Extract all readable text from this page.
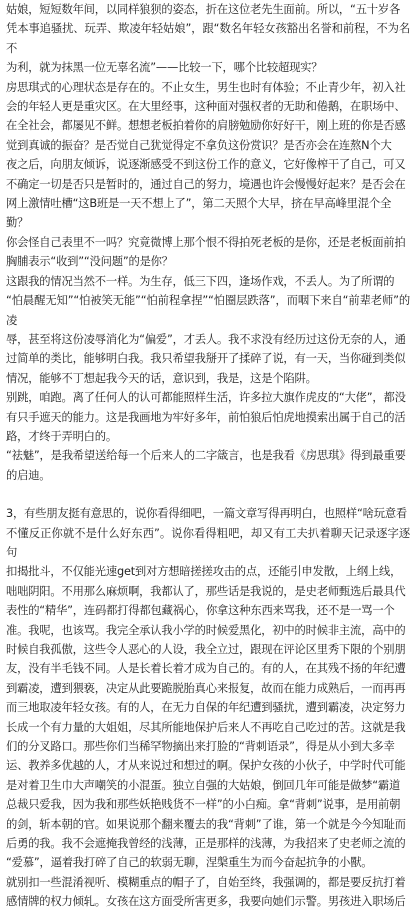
姑娘，短短数年间，以同样狼狈的姿态，折在这位老先生面前。所以，“五十岁各
凭本事追骚扰、玩弄、欺凌年轻姑娘”，跟“数名年轻女孩豁出名誉和前程，不为名不
为利，就为抹黑一位无辜名流”——比较一下，哪个比较超现实？

房思琪式的心理状态是存在的。不止女生，男生也时有体验；不止青少年，初入社
会的年轻人更是重灾区。在大里经事，这种面对强权者的无助和倦鹅，在职场中、
在全社会，都屡见不鲜。想想老板拍着你的肩膀勉励你好好干，刚上班的你是否感
觉到真诚的振奋？是否觉自己犹觉得定不拿负这份赏识？是否亦会在连熬N个大
夜之后，向朋友倾诉，说逐渐感受不到这份工作的意义，它好像榨干了自己，可又
不确定一切是否只是暂时的，通过自己的努力，境遇也许会慢慢好起来？是否会在
网上激情吐槽“这B班是一天不想上了”，第二天照个大早，挤在早高峰里混个全
勤？

你会怪自己表里不一吗？究竟微博上那个恨不得拍死老板的是你，还是老板面前拍
胸脯表示“收到”“没问题”的是你？

这跟我的情况当然不一样。为生存，低三下四，逢场作戏，不丢人。为了所谓的
“怕晨醒无知”“怕被笑无能”“怕前程拿捏”“怕圈层跌落”，而咽下来自“前辈老师”的凌
辱，甚至将这份凌辱消化为“偏爱”，才丢人。我不求没有经历过这份无奈的人，通
过简单的类比，能够明白我。我只希望我掰开了揉碎了说，有一天，当你碰到类似
情况，能够不丁想起我今天的话，意识到，我是，这是个陷阱。

别跳，咱跑。离了任何人的认可都能照样生活，许多拉大旗作虎皮的“大佬”，都没
有只手遮天的能力。这是我画地为牢好多年，前怕狼后怕虎地摸索出属于自己的活
路，才终于弄明白的。

“祛魅”，是我希望送给每一个后来人的二字箴言，也是我看《房思琪》得到最重要
的启迪。

3，有些朋友挺有意思的，说你看得细吧，一篇文章写得再明白，也照样“啥玩意看
不懂反正你就不是什么好东西”。说你看得粗吧，却又有工夫扒着聊天记录逐字逐句
扣揭批斗，不仅能光速get到对方想暗搓搓攻击的点，还能引申发散，上纲上线，
咄咄阴阳。不用那么麻烦啊，我都认了，那些话是我说的，是史老师甄选后最具代
表性的“精华”，连码都打得都包藏祸心，你拿这种东西来骂我，还不是一骂一个
准。我呢，也该骂。我完全承认我小学的时候爱黑化，初中的时候非主流，高中的
时候自我孤傲，这些令人恶心的人设，我全立过，跟现在评论区里秀下限的个别朋
友，没有半毛钱不同。人是长着长着才成为自己的。有的人，在其残不扬的年纪遭
到霸凌，遭到猥亵，决定从此要跪脱胎真心来报复，故而在能力成熟后，一而再再
而三地取凌年轻女孩。有的人，在无力自保的年纪遭到骚扰，遭到霸凌，决定努力
长成一个有力量的大姐姐，尽其所能地保护后来人不再吃自己吃过的苦。这就是我
们的分叉路口。那些你们当稀罕物摘出来打脸的“背刺语录”，得是从小到大多幸
运、教养多优越的人，才从来说过和想过的啊。保护女孩的小伙子，中学时代可能
是对着卫生巾大声嘲笑的小混蛋。独立自强的大姑娘，倒回几年可能是做梦“霸道
总裁只爱我，因为我和那些妖艳贱货不一样”的小白痴。拿“背刺”说事，是用前朝
的剑，斩本朝的官。如果说那个翻来覆去的我“背刺”了谁，第一个就是今今知耻而
后勇的我。我不会遮掩我曾经的浅薄，正是那样的浅薄，为我招来了史老师之流的
“爱慕”，逼着我打碎了自己的软弱无聊，涅槃重生为而今奋起抗争的小獸。

就别扣一些混淆视听、模糊重点的帽子了，自始至终，我强调的，都是要反抗打着
感情牌的权力倾轧。女孩在这方面受所害更多，我要向她们示警。男孩进入职场后
